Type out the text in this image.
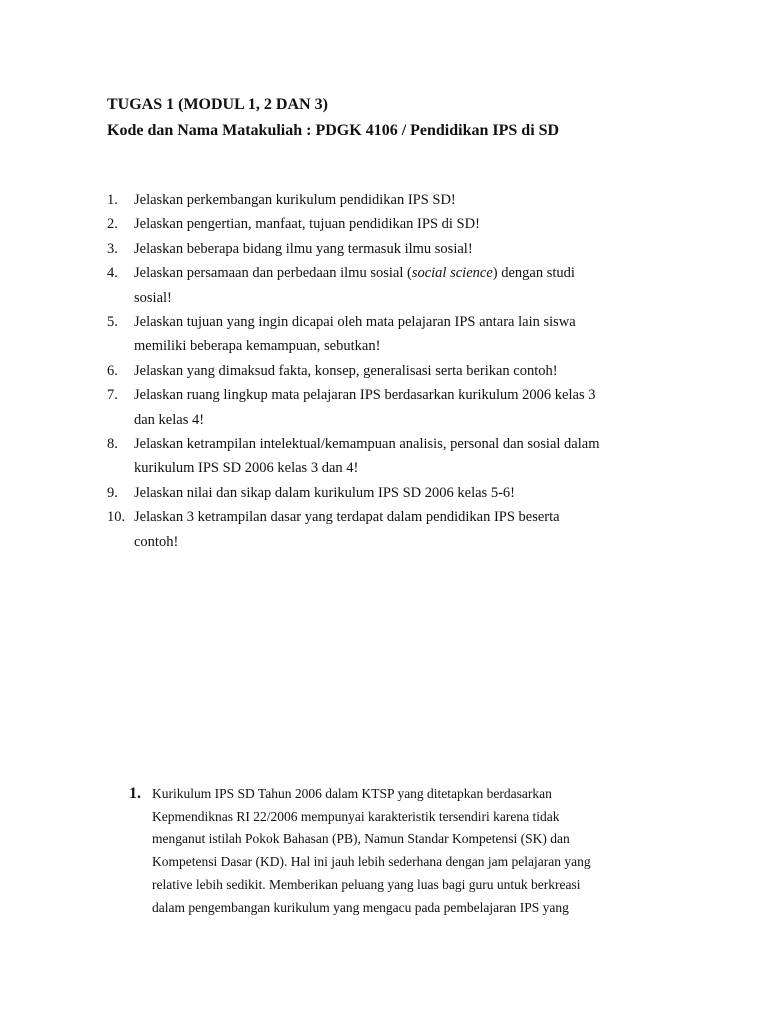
TUGAS 1 (MODUL 1, 2 DAN 3)
Kode dan Nama Matakuliah : PDGK 4106 / Pendidikan IPS di SD
1.	Jelaskan perkembangan kurikulum pendidikan IPS SD!
2.	Jelaskan pengertian, manfaat, tujuan pendidikan IPS di SD!
3.	Jelaskan beberapa bidang ilmu yang termasuk ilmu sosial!
4.	Jelaskan persamaan dan perbedaan ilmu sosial (social science) dengan studi
sosial!
5.	Jelaskan tujuan yang ingin dicapai oleh mata pelajaran IPS antara lain siswa
memiliki beberapa kemampuan, sebutkan!
6.	Jelaskan yang dimaksud fakta, konsep, generalisasi serta berikan contoh!
7.	Jelaskan ruang lingkup mata pelajaran IPS berdasarkan kurikulum 2006 kelas 3
dan kelas 4!
8.	Jelaskan ketrampilan intelektual/kemampuan analisis, personal dan sosial dalam
kurikulum IPS SD 2006 kelas 3 dan 4!
9.	Jelaskan nilai dan sikap dalam kurikulum IPS SD 2006 kelas 5-6!
10. Jelaskan 3 ketrampilan dasar yang terdapat dalam pendidikan IPS beserta
contoh!
1. Kurikulum IPS SD Tahun 2006 dalam KTSP yang ditetapkan berdasarkan
Kepmendiknas RI 22/2006 mempunyai karakteristik tersendiri karena tidak
menganut istilah Pokok Bahasan (PB), Namun Standar Kompetensi (SK) dan
Kompetensi Dasar (KD). Hal ini jauh lebih sederhana dengan jam pelajaran yang
relative lebih sedikit. Memberikan peluang yang luas bagi guru untuk berkreasi
dalam pengembangan kurikulum yang mengacu pada pembelajaran IPS yang
